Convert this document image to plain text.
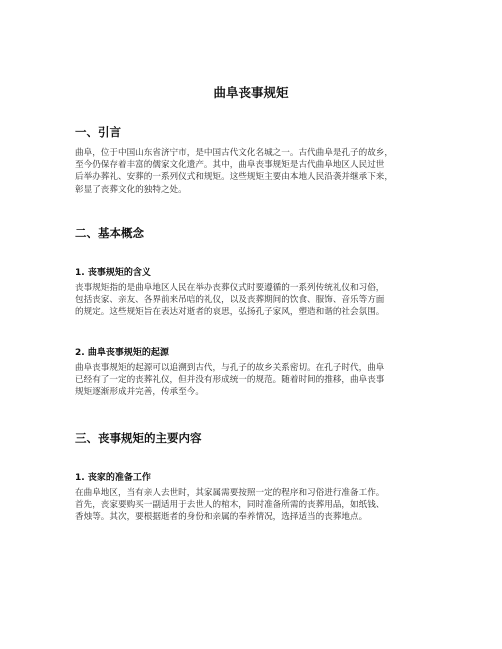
曲阜丧事规矩
一、引言
曲阜，位于中国山东省济宁市，是中国古代文化名城之一。古代曲阜是孔子的故乡，
至今仍保存着丰富的儒家文化遗产。其中，曲阜丧事规矩是古代曲阜地区人民过世
后举办葬礼、安葬的一系列仪式和规矩。这些规矩主要由本地人民沿袭并继承下来，
彰显了丧葬文化的独特之处。
二、基本概念
1. 丧事规矩的含义
丧事规矩指的是曲阜地区人民在举办丧葬仪式时要遵循的一系列传统礼仪和习俗，
包括丧家、亲友、各界前来吊唁的礼仪，以及丧葬期间的饮食、服饰、音乐等方面
的规定。这些规矩旨在表达对逝者的哀思，弘扬孔子家风，塑造和谐的社会氛围。
2. 曲阜丧事规矩的起源
曲阜丧事规矩的起源可以追溯到古代，与孔子的故乡关系密切。在孔子时代，曲阜
已经有了一定的丧葬礼仪，但并没有形成统一的规范。随着时间的推移，曲阜丧事
规矩逐渐形成并完善，传承至今。
三、丧事规矩的主要内容
1. 丧家的准备工作
在曲阜地区，当有亲人去世时，其家属需要按照一定的程序和习俗进行准备工作。
首先，丧家要购买一副适用于去世人的棺木，同时准备所需的丧葬用品，如纸钱、
香烛等。其次，要根据逝者的身份和亲属的奉养情况，选择适当的丧葬地点。
